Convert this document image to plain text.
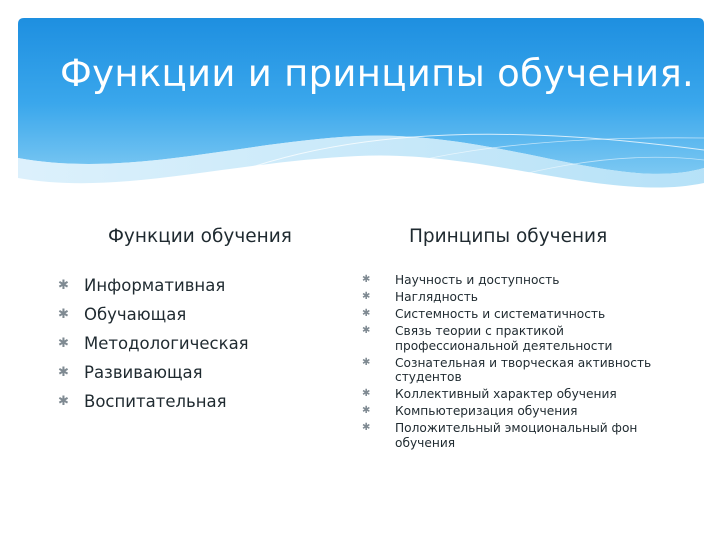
Функции и принципы обучения.
Функции обучения	Принципы обучения
✱ Информативная
✱ Обучающая
✱ Методологическая
✱ Развивающая
✱ Воспитательная
✱ Научность и доступность
✱ Наглядность
✱ Системность и систематичность
✱ Связь теории с практикой профессиональной деятельности
✱ Сознательная и творческая активность студентов
✱ Коллективный характер обучения
✱ Компьютеризация обучения
✱ Положительный эмоциональный фон обучения
